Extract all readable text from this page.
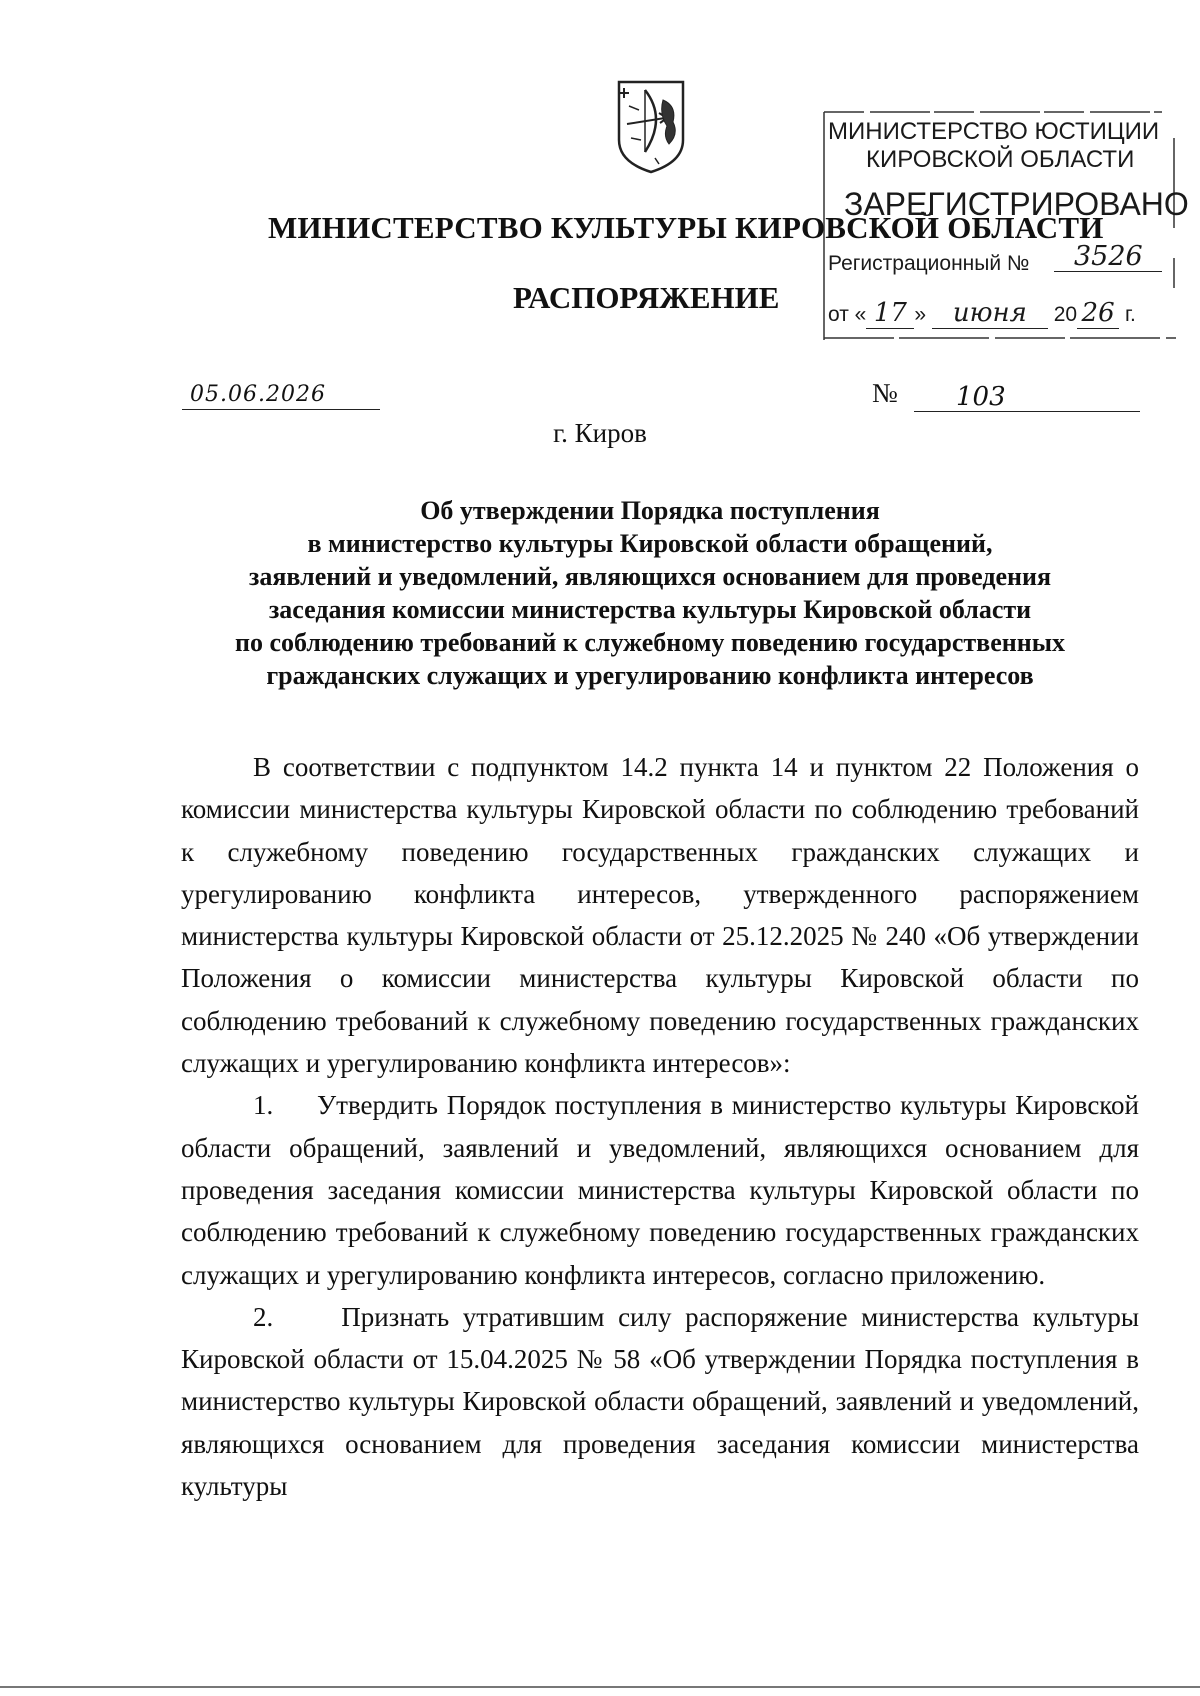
МИНИСТЕРСТВО КУЛЬТУРЫ КИРОВСКОЙ ОБЛАСТИ
РАСПОРЯЖЕНИЕ
МИНИСТЕРСТВО ЮСТИЦИИ
КИРОВСКОЙ ОБЛАСТИ
ЗАРЕГИСТРИРОВАНО
Регистрационный №	3526
от « 17 » июня 20 26 г.
05.06.2026	№	103
г. Киров
Об утверждении Порядка поступления
в министерство культуры Кировской области обращений,
заявлений и уведомлений, являющихся основанием для проведения
заседания комиссии министерства культуры Кировской области
по соблюдению требований к служебному поведению государственных
гражданских служащих и урегулированию конфликта интересов

В соответствии с подпунктом 14.2 пункта 14 и пунктом 22 Положения о комиссии министерства культуры Кировской области по соблюдению требований к служебному поведению государственных гражданских служащих и урегулированию конфликта интересов, утвержденного распоряжением министерства культуры Кировской области от 25.12.2025 № 240 «Об утверждении Положения о комиссии министерства культуры Кировской области по соблюдению требований к служебному поведению государственных гражданских служащих и урегулированию конфликта интересов»:

1. Утвердить Порядок поступления в министерство культуры Кировской области обращений, заявлений и уведомлений, являющихся основанием для проведения заседания комиссии министерства культуры Кировской области по соблюдению требований к служебному поведению государственных гражданских служащих и урегулированию конфликта интересов, согласно приложению.

2.	Признать утратившим силу распоряжение министерства культуры Кировской области от 15.04.2025 № 58 «Об утверждении Порядка поступления в министерство культуры Кировской области обращений, заявлений и уведомлений, являющихся основанием для проведения заседания комиссии министерства культуры
